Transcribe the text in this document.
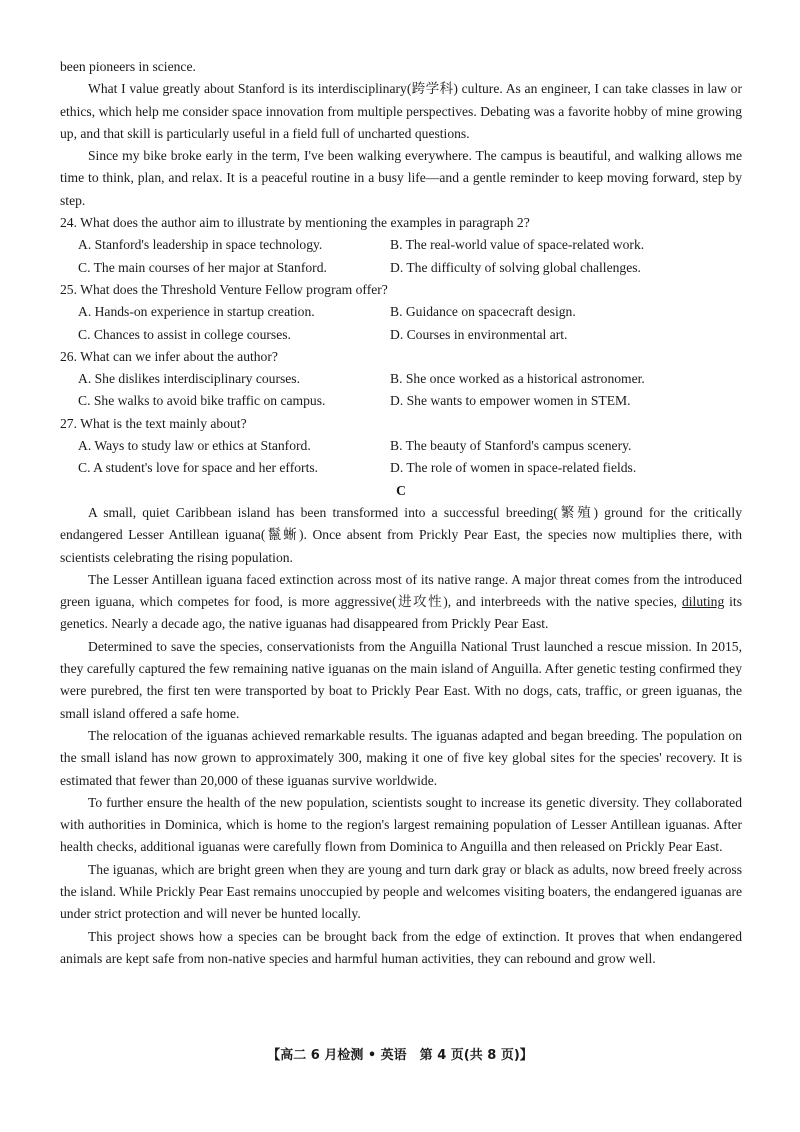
been pioneers in science.

What I value greatly about Stanford is its interdisciplinary(跨学科) culture. As an engineer, I can take classes in law or ethics, which help me consider space innovation from multiple perspectives. Debating was a favorite hobby of mine growing up, and that skill is particularly useful in a field full of uncharted questions.

Since my bike broke early in the term, I've been walking everywhere. The campus is beautiful, and walking allows me time to think, plan, and relax. It is a peaceful routine in a busy life—and a gentle reminder to keep moving forward, step by step.

24. What does the author aim to illustrate by mentioning the examples in paragraph 2?

A. Stanford's leadership in space technology.	B. The real-world value of space-related work.
C. The main courses of her major at Stanford.	D. The difficulty of solving global challenges.

25. What does the Threshold Venture Fellow program offer?

A. Hands-on experience in startup creation.	B. Guidance on spacecraft design.
C. Chances to assist in college courses.	D. Courses in environmental art.

26. What can we infer about the author?

A. She dislikes interdisciplinary courses.	B. She once worked as a historical astronomer.
C. She walks to avoid bike traffic on campus.	D. She wants to empower women in STEM.

27. What is the text mainly about?

A. Ways to study law or ethics at Stanford.	B. The beauty of Stanford's campus scenery.
C. A student's love for space and her efforts.	D. The role of women in space-related fields.

C

A small, quiet Caribbean island has been transformed into a successful breeding(繁殖) ground for the critically endangered Lesser Antillean iguana(鬣蜥). Once absent from Prickly Pear East, the species now multiplies there, with scientists celebrating the rising population.

The Lesser Antillean iguana faced extinction across most of its native range. A major threat comes from the introduced green iguana, which competes for food, is more aggressive(进攻性), and interbreeds with the native species, diluting its genetics. Nearly a decade ago, the native iguanas had disappeared from Prickly Pear East.

Determined to save the species, conservationists from the Anguilla National Trust launched a rescue mission. In 2015, they carefully captured the few remaining native iguanas on the main island of Anguilla. After genetic testing confirmed they were purebred, the first ten were transported by boat to Prickly Pear East. With no dogs, cats, traffic, or green iguanas, the small island offered a safe home.

The relocation of the iguanas achieved remarkable results. The iguanas adapted and began breeding. The population on the small island has now grown to approximately 300, making it one of five key global sites for the species' recovery. It is estimated that fewer than 20,000 of these iguanas survive worldwide.

To further ensure the health of the new population, scientists sought to increase its genetic diversity. They collaborated with authorities in Dominica, which is home to the region's largest remaining population of Lesser Antillean iguanas. After health checks, additional iguanas were carefully flown from Dominica to Anguilla and then released on Prickly Pear East.

The iguanas, which are bright green when they are young and turn dark gray or black as adults, now breed freely across the island. While Prickly Pear East remains unoccupied by people and welcomes visiting boaters, the endangered iguanas are under strict protection and will never be hunted locally.

This project shows how a species can be brought back from the edge of extinction. It proves that when endangered animals are kept safe from non-native species and harmful human activities, they can rebound and grow well.

【高二 6 月检测 • 英语　第 4 页(共 8 页)】
